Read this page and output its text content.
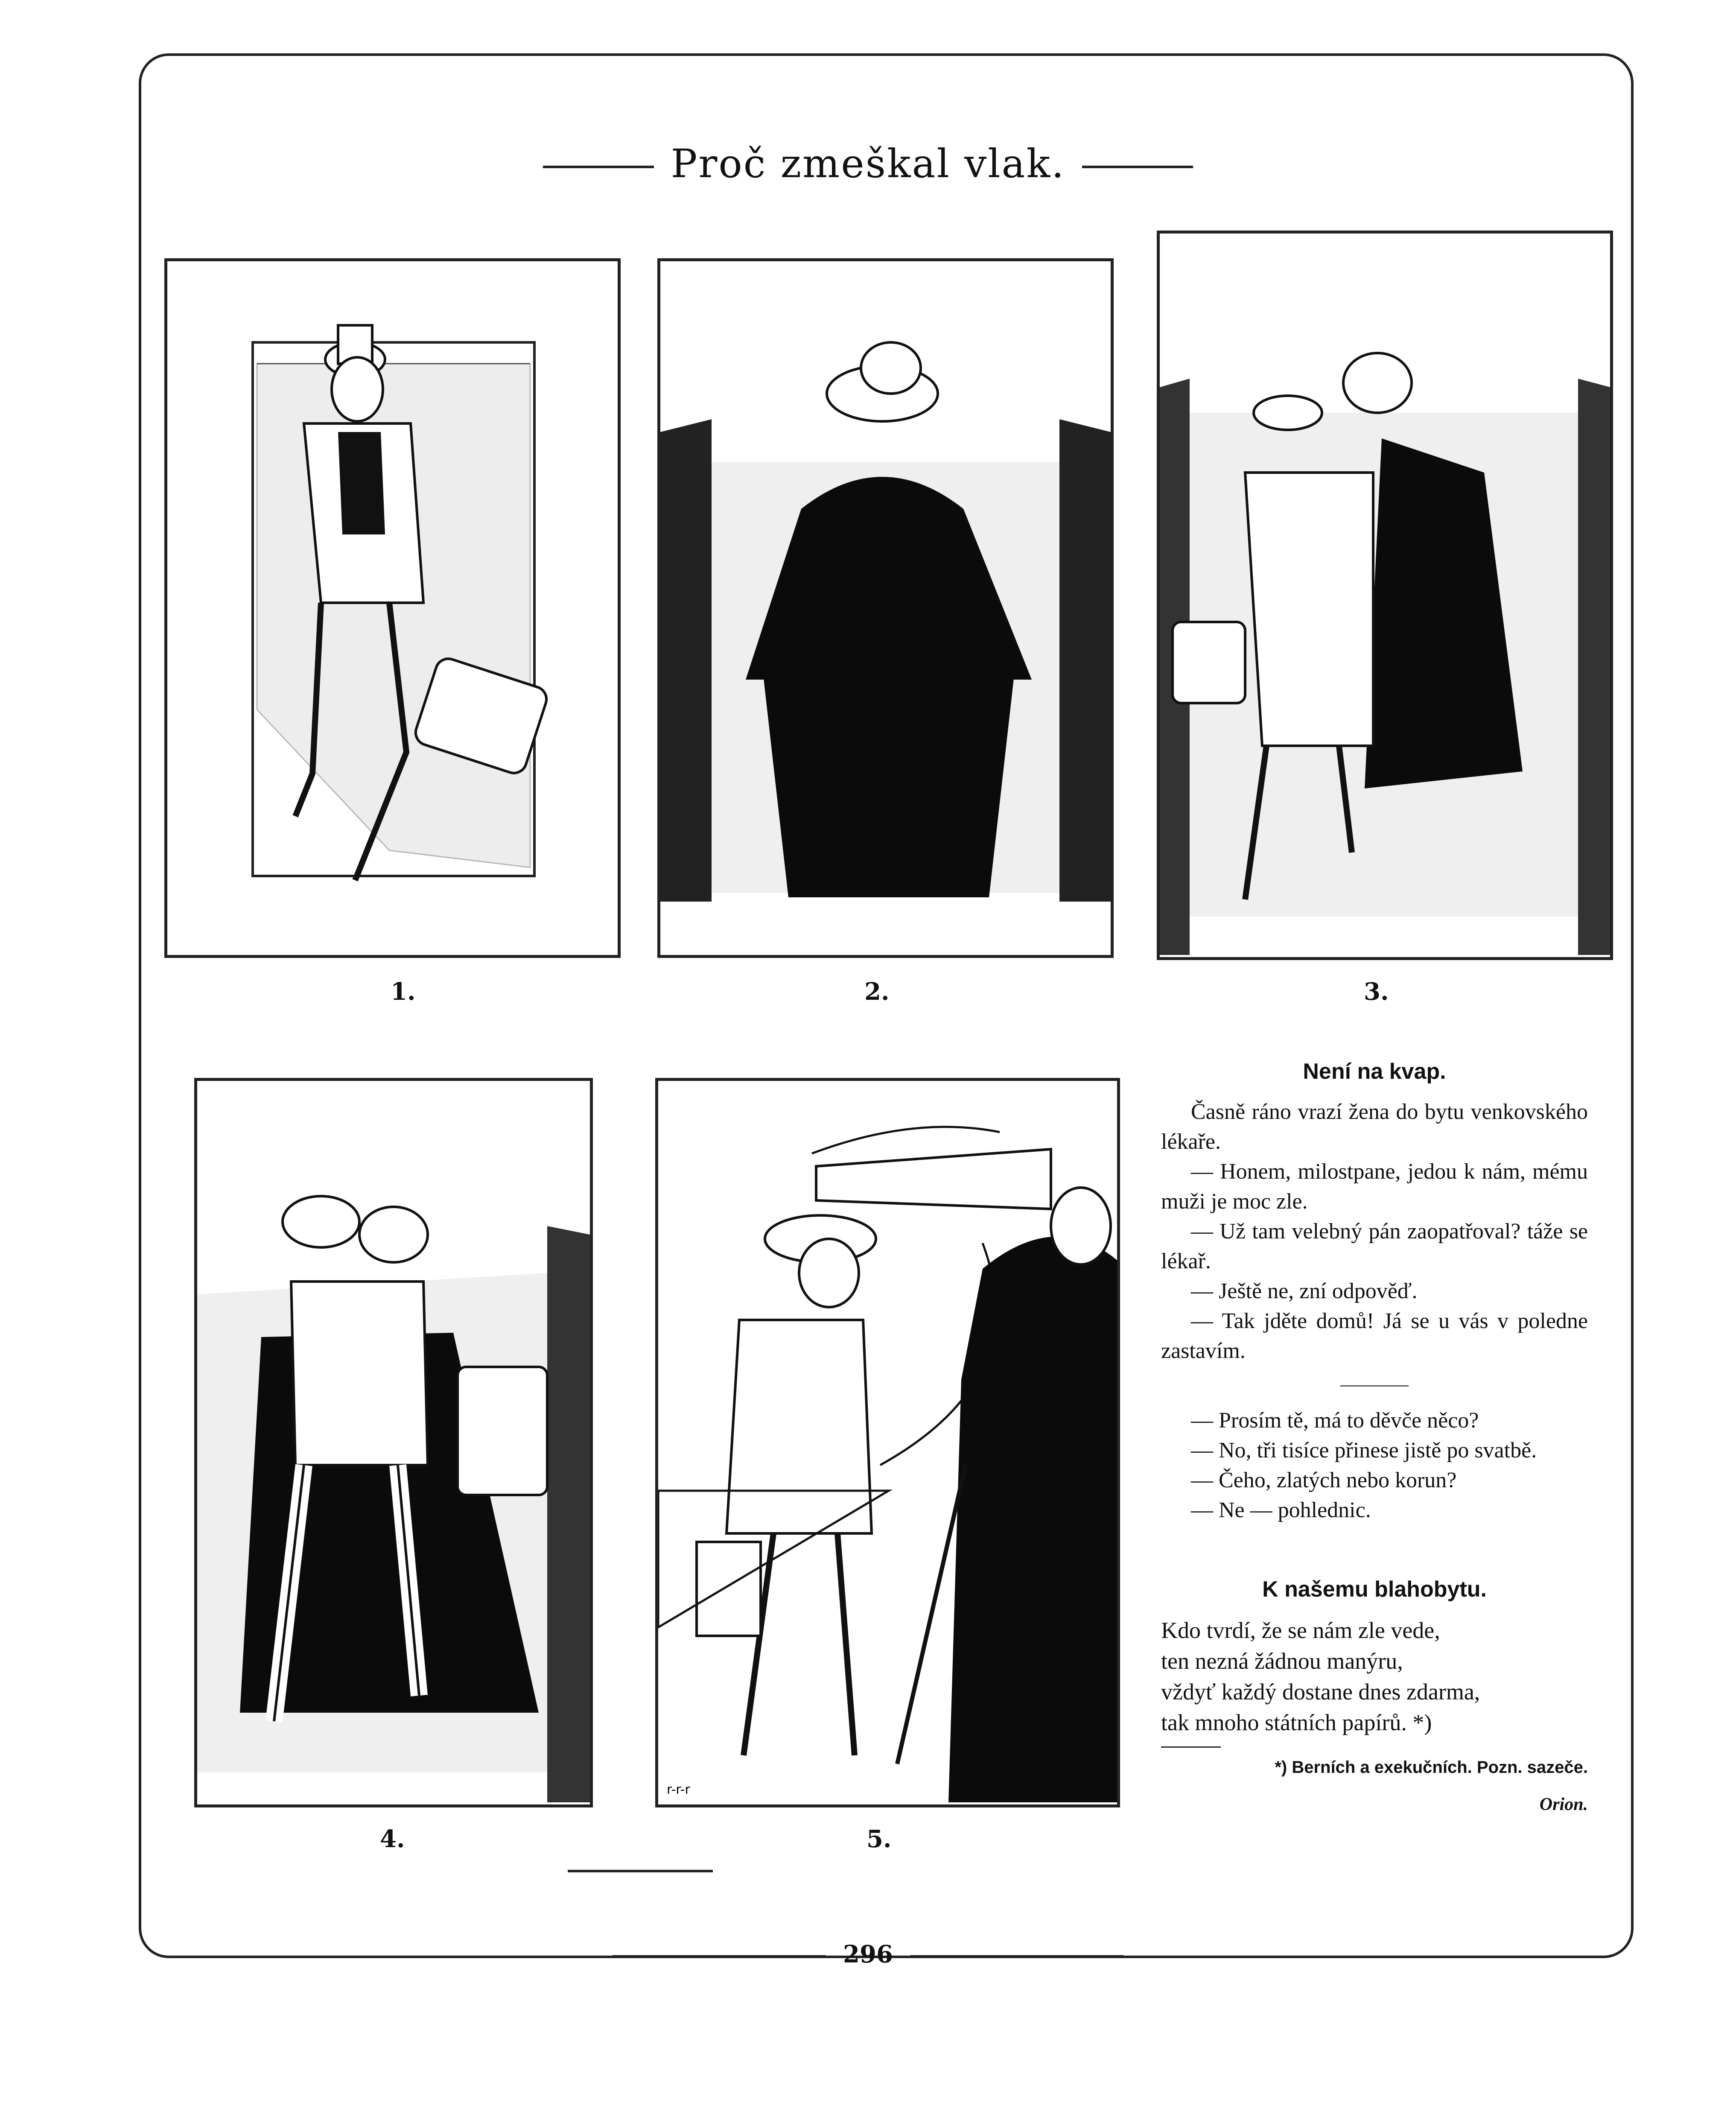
Proč zmeškal vlak.
1.	2.	3.
4.
r-r-r
5.

Není na kvap.

Časně ráno vrazí žena do bytu venkovského lékaře.

— Honem, milostpane, jedou k nám, mému muži je moc zle.

— Už tam velebný pán zaopatřoval? táže se lékař.

— Ještě ne, zní odpověď.

— Tak jděte domů! Já se u vás v poledne zastavím.

— Prosím tě, má to děvče něco?

— No, tři tisíce přinese jistě po svatbě.

— Čeho, zlatých nebo korun?

— Ne — pohlednic.

K našemu blahobytu.

Kdo tvrdí, že se nám zle vede,

ten nezná žádnou manýru,

vždyť každý dostane dnes zdarma,

tak mnoho státních papírů. *)

*) Berních a exekučních. Pozn. sazeče.

Orion.

296
